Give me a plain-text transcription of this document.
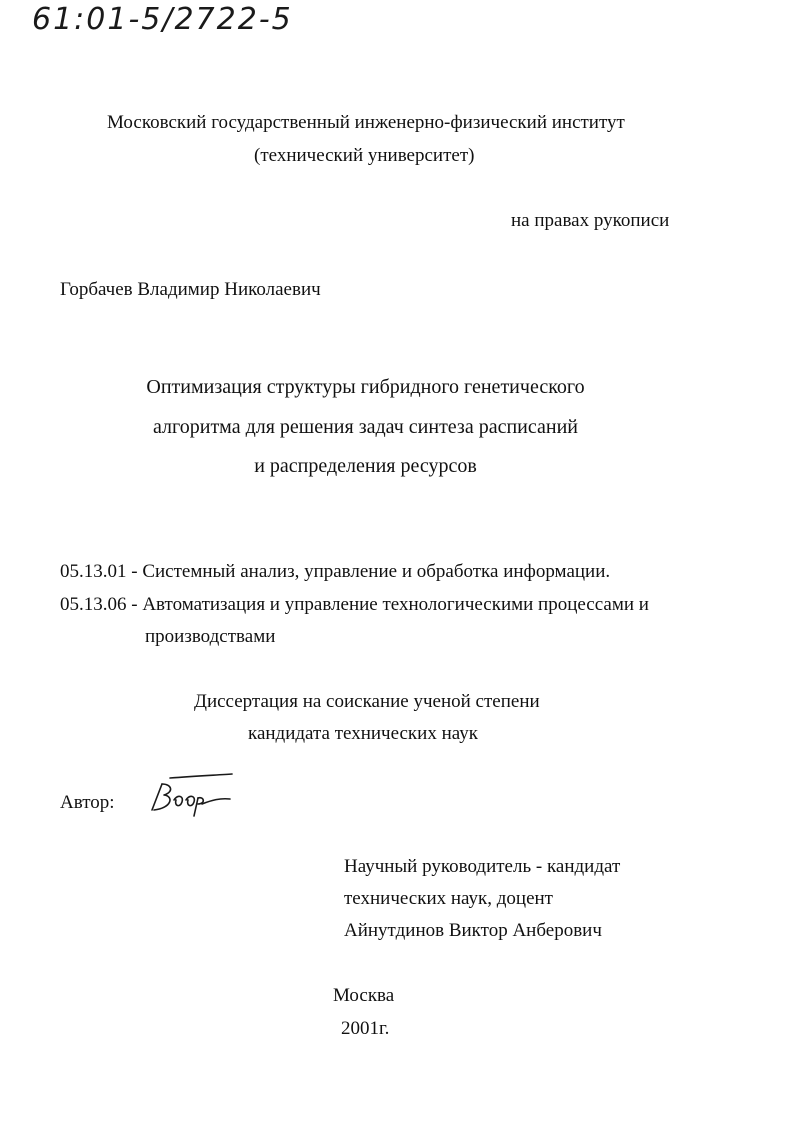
61:01-5/2722-5
Московский государственный инженерно-физический институт
(технический университет)
на правах рукописи
Горбачев Владимир Николаевич
Оптимизация структуры гибридного генетического
алгоритма для решения задач синтеза расписаний
и распределения ресурсов
05.13.01 - Системный анализ, управление и обработка информации.
05.13.06 - Автоматизация и управление технологическими процессами и
производствами
Диссертация на соискание ученой степени
кандидата технических наук
Автор:
Научный руководитель - кандидат
технических наук, доцент
Айнутдинов Виктор Анберович
Москва
2001г.
